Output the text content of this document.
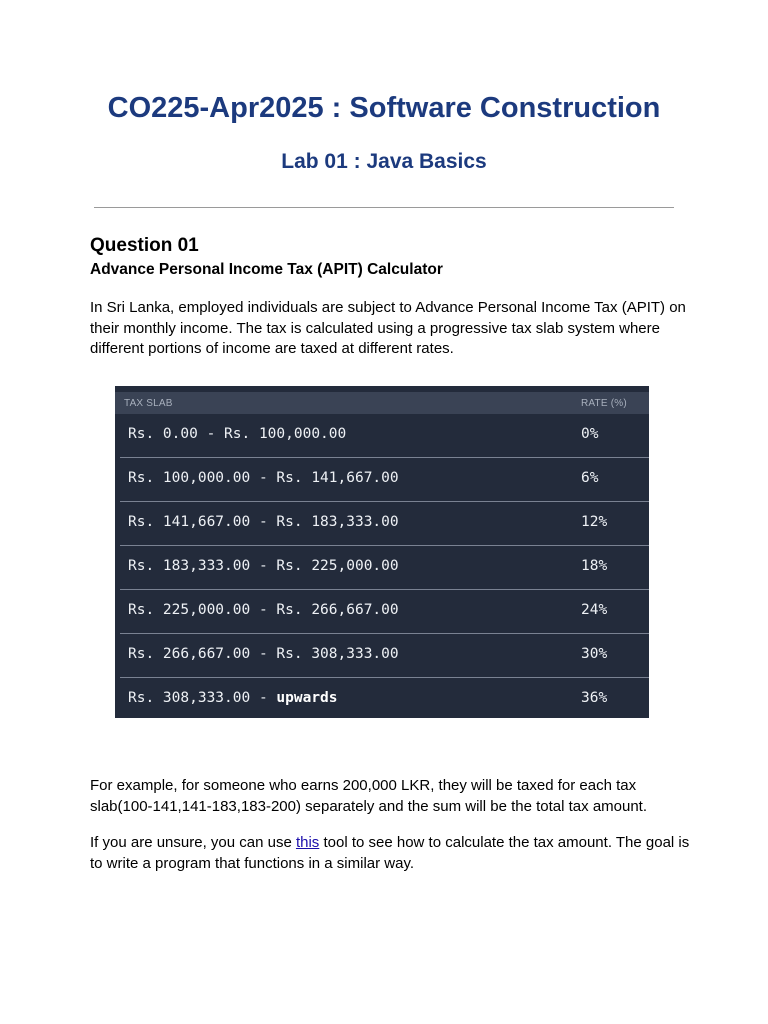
CO225-Apr2025 : Software Construction
Lab 01 : Java Basics
Question 01
Advance Personal Income Tax (APIT) Calculator

In Sri Lanka, employed individuals are subject to Advance Personal Income Tax (APIT) on their monthly income. The tax is calculated using a progressive tax slab system where different portions of income are taxed at different rates.

TAX SLAB	RATE (%)
Rs. 0.00 - Rs. 100,000.00	0%
Rs. 100,000.00 - Rs. 141,667.00	6%
Rs. 141,667.00 - Rs. 183,333.00	12%
Rs. 183,333.00 - Rs. 225,000.00	18%
Rs. 225,000.00 - Rs. 266,667.00	24%
Rs. 266,667.00 - Rs. 308,333.00	30%
Rs. 308,333.00 - upwards	36%

For example, for someone who earns 200,000 LKR, they will be taxed for each tax slab(100-141,141-183,183-200) separately and the sum will be the total tax amount.

If you are unsure, you can use this tool to see how to calculate the tax amount. The goal is to write a program that functions in a similar way.
